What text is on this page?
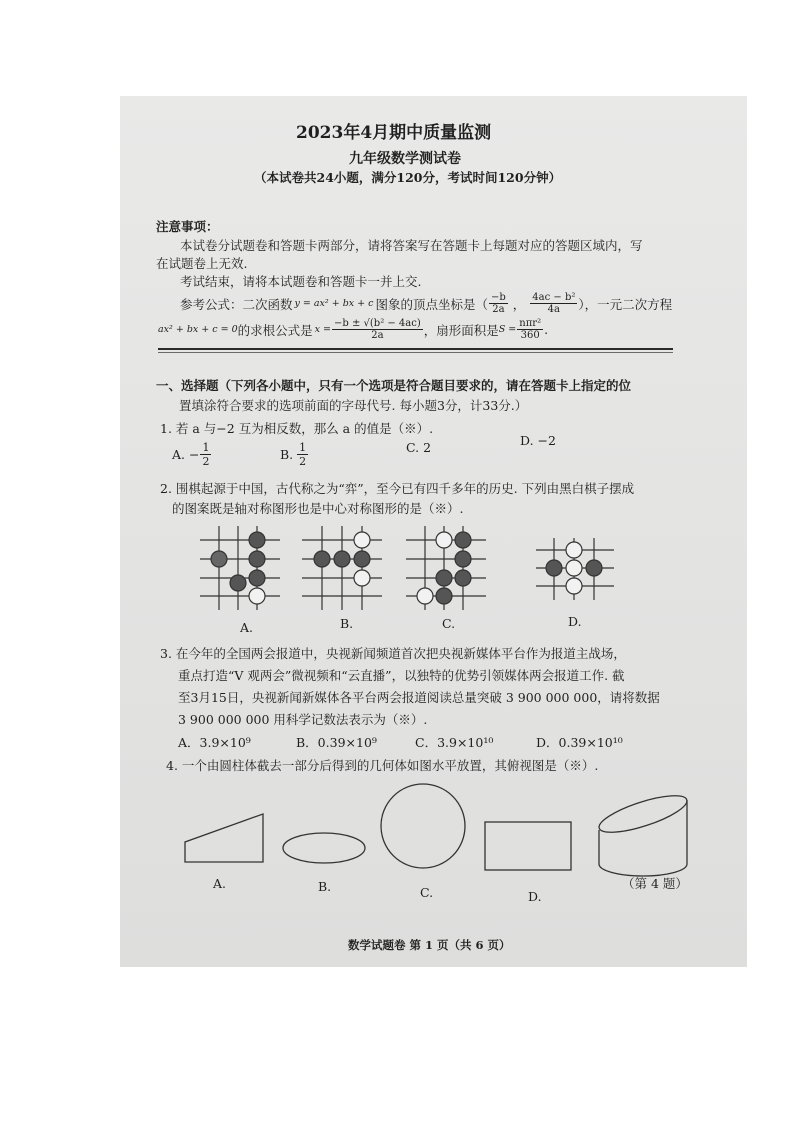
2023年4月期中质量监测
九年级数学测试卷
（本试卷共24小题，满分120分，考试时间120分钟）
注意事项：
本试卷分试题卷和答题卡两部分，请将答案写在答题卡上每题对应的答题区域内，写
在试题卷上无效.
考试结束，请将本试题卷和答题卡一并上交.
参考公式：二次函数 y = ax² + bx + c 图象的顶点坐标是（ $\frac{-b}{2a}$ ， $\frac{\text{4ac − b²}}{4a}$ ），一元二次方程
ax² + bx + c = 0 的求根公式是 $x = \frac{\text{−b ± √(b² − 4ac)}}{2a}$ ，扇形面积是 $S = \frac{\text{nπr²}}{360}$ .
一、选择题（下列各小题中，只有一个选项是符合题目要求的，请在答题卡上指定的位
置填涂符合要求的选项前面的字母代号. 每小题3分，计33分.）
1. 若 a 与−2 互为相反数，那么 a 的值是（※）.
A. − $\frac{1}{2}$	B. $\frac{1}{2}$	C. 2	D. −2
2. 围棋起源于中国，古代称之为“弈”，至今已有四千多年的历史. 下列由黑白棋子摆成
的图案既是轴对称图形也是中心对称图形的是（※）.
A.	B.	C.	D.
3. 在今年的全国两会报道中，央视新闻频道首次把央视新媒体平台作为报道主战场，
重点打造“V 观两会”微视频和“云直播”，以独特的优势引领媒体两会报道工作. 截
至3月15日，央视新闻新媒体各平台两会报道阅读总量突破 3 900 000 000，请将数据
3 900 000 000 用科学记数法表示为（※）.
A．3.9×10⁹	B．0.39×10⁹	C．3.9×10¹⁰	D．0.39×10¹⁰
4. 一个由圆柱体截去一部分后得到的几何体如图水平放置，其俯视图是（※）.
A.	B.	C.	D.
（第 4 题）
数学试题卷 第 1 页（共 6 页）
